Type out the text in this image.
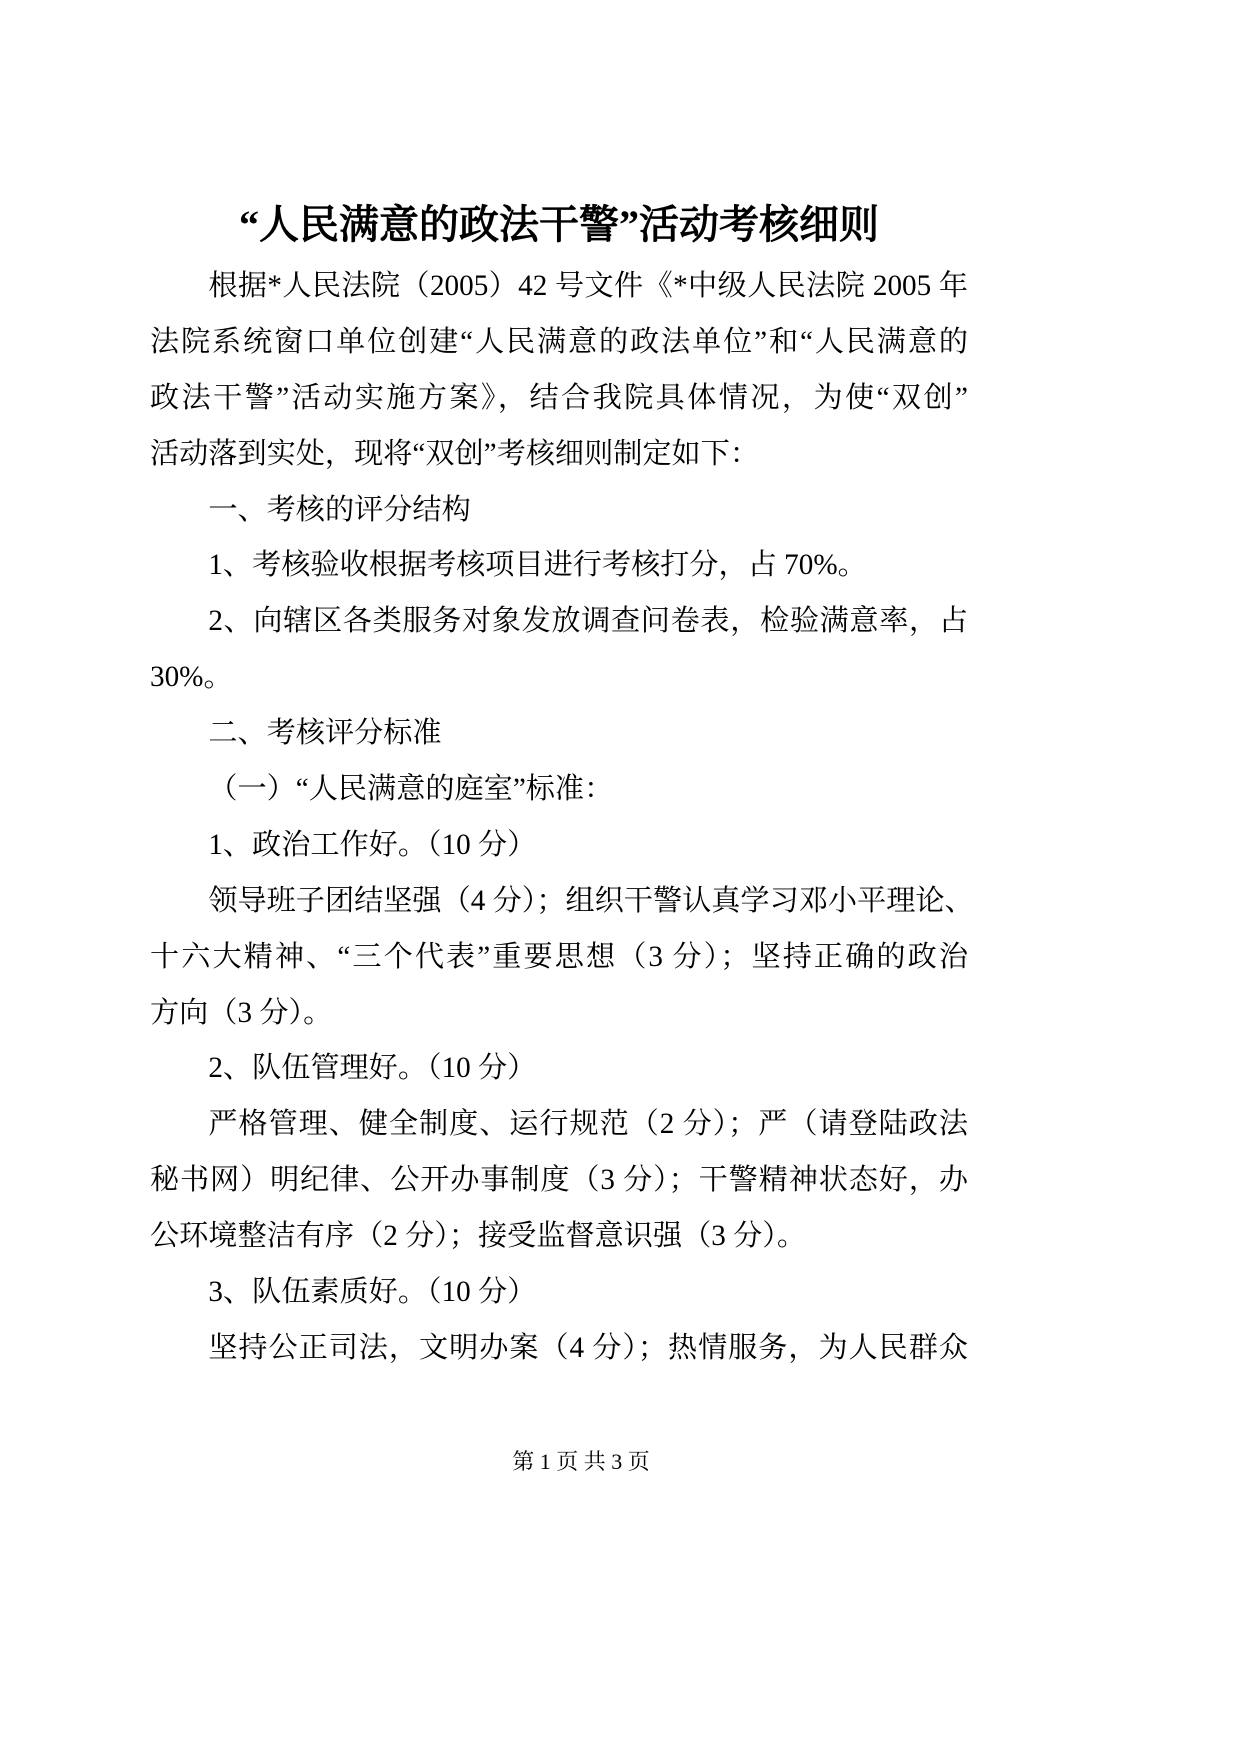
“人民满意的政法干警”活动考核细则
根据*人民法院（2005）42 号文件《*中级人民法院 2005 年
法院系统窗口单位创建“人民满意的政法单位”和“人民满意的
政法干警”活动实施方案》，结合我院具体情况，为使“双创”
活动落到实处，现将“双创”考核细则制定如下：
一、考核的评分结构
1、考核验收根据考核项目进行考核打分，占 70%。
2、向辖区各类服务对象发放调查问卷表，检验满意率，占
30%。
二、考核评分标准
（一）“人民满意的庭室”标准：
1、政治工作好。（10 分）
领导班子团结坚强（4 分）；组织干警认真学习邓小平理论、
十六大精神、“三个代表”重要思想（3 分）；坚持正确的政治
方向（3 分）。
2、队伍管理好。（10 分）
严格管理、健全制度、运行规范（2 分）；严（请登陆政法
秘书网）明纪律、公开办事制度（3 分）；干警精神状态好，办
公环境整洁有序（2 分）；接受监督意识强（3 分）。
3、队伍素质好。（10 分）
坚持公正司法，文明办案（4 分）；热情服务，为人民群众
第 1 页 共 3 页
